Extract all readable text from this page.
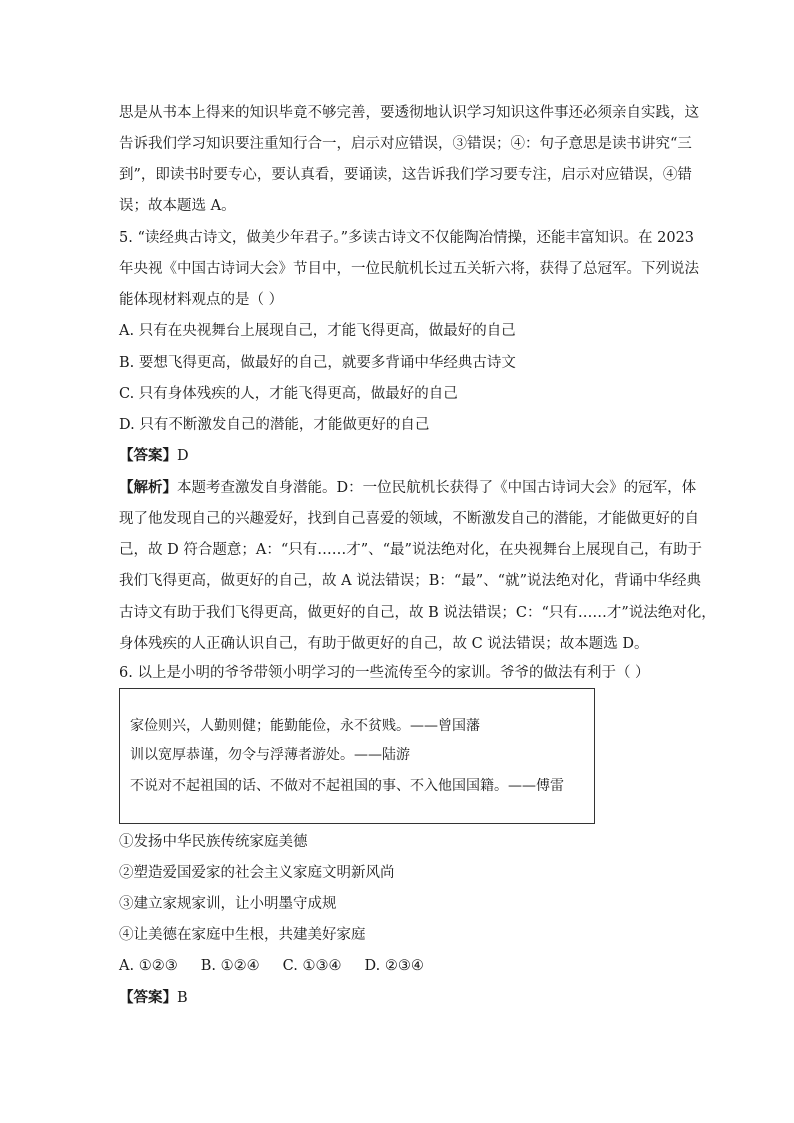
思是从书本上得来的知识毕竟不够完善，要透彻地认识学习知识这件事还必须亲自实践，这
告诉我们学习知识要注重知行合一，启示对应错误，③错误；④：句子意思是读书讲究“三
到”，即读书时要专心，要认真看，要诵读，这告诉我们学习要专注，启示对应错误，④错
误；故本题选 A。
5. “读经典古诗文，做美少年君子。”多读古诗文不仅能陶冶情操，还能丰富知识。在 2023
年央视《中国古诗词大会》节目中，一位民航机长过五关斩六将，获得了总冠军。下列说法
能体现材料观点的是（ ）
A. 只有在央视舞台上展现自己，才能飞得更高，做最好的自己
B. 要想飞得更高，做最好的自己，就要多背诵中华经典古诗文
C. 只有身体残疾的人，才能飞得更高，做最好的自己
D. 只有不断激发自己的潜能，才能做更好的自己
【答案】D
【解析】本题考查激发自身潜能。D：一位民航机长获得了《中国古诗词大会》的冠军，体
现了他发现自己的兴趣爱好，找到自己喜爱的领域，不断激发自己的潜能，才能做更好的自
己，故 D 符合题意；A：“只有……才”、“最”说法绝对化，在央视舞台上展现自己，有助于
我们飞得更高，做更好的自己，故 A 说法错误；B：“最”、“就”说法绝对化，背诵中华经典
古诗文有助于我们飞得更高，做更好的自己，故 B 说法错误；C：“只有……才”说法绝对化，
身体残疾的人正确认识自己，有助于做更好的自己，故 C 说法错误；故本题选 D。
6. 以上是小明的爷爷带领小明学习的一些流传至今的家训。爷爷的做法有利于（ ）
家俭则兴，人勤则健；能勤能俭，永不贫贱。——曾国藩
训以宽厚恭谨，勿令与浮薄者游处。——陆游
不说对不起祖国的话、不做对不起祖国的事、不入他国国籍。——傅雷
①发扬中华民族传统家庭美德
②塑造爱国爱家的社会主义家庭文明新风尚
③建立家规家训，让小明墨守成规
④让美德在家庭中生根，共建美好家庭
A. ①②③     B. ①②④     C. ①③④     D. ②③④
【答案】B
